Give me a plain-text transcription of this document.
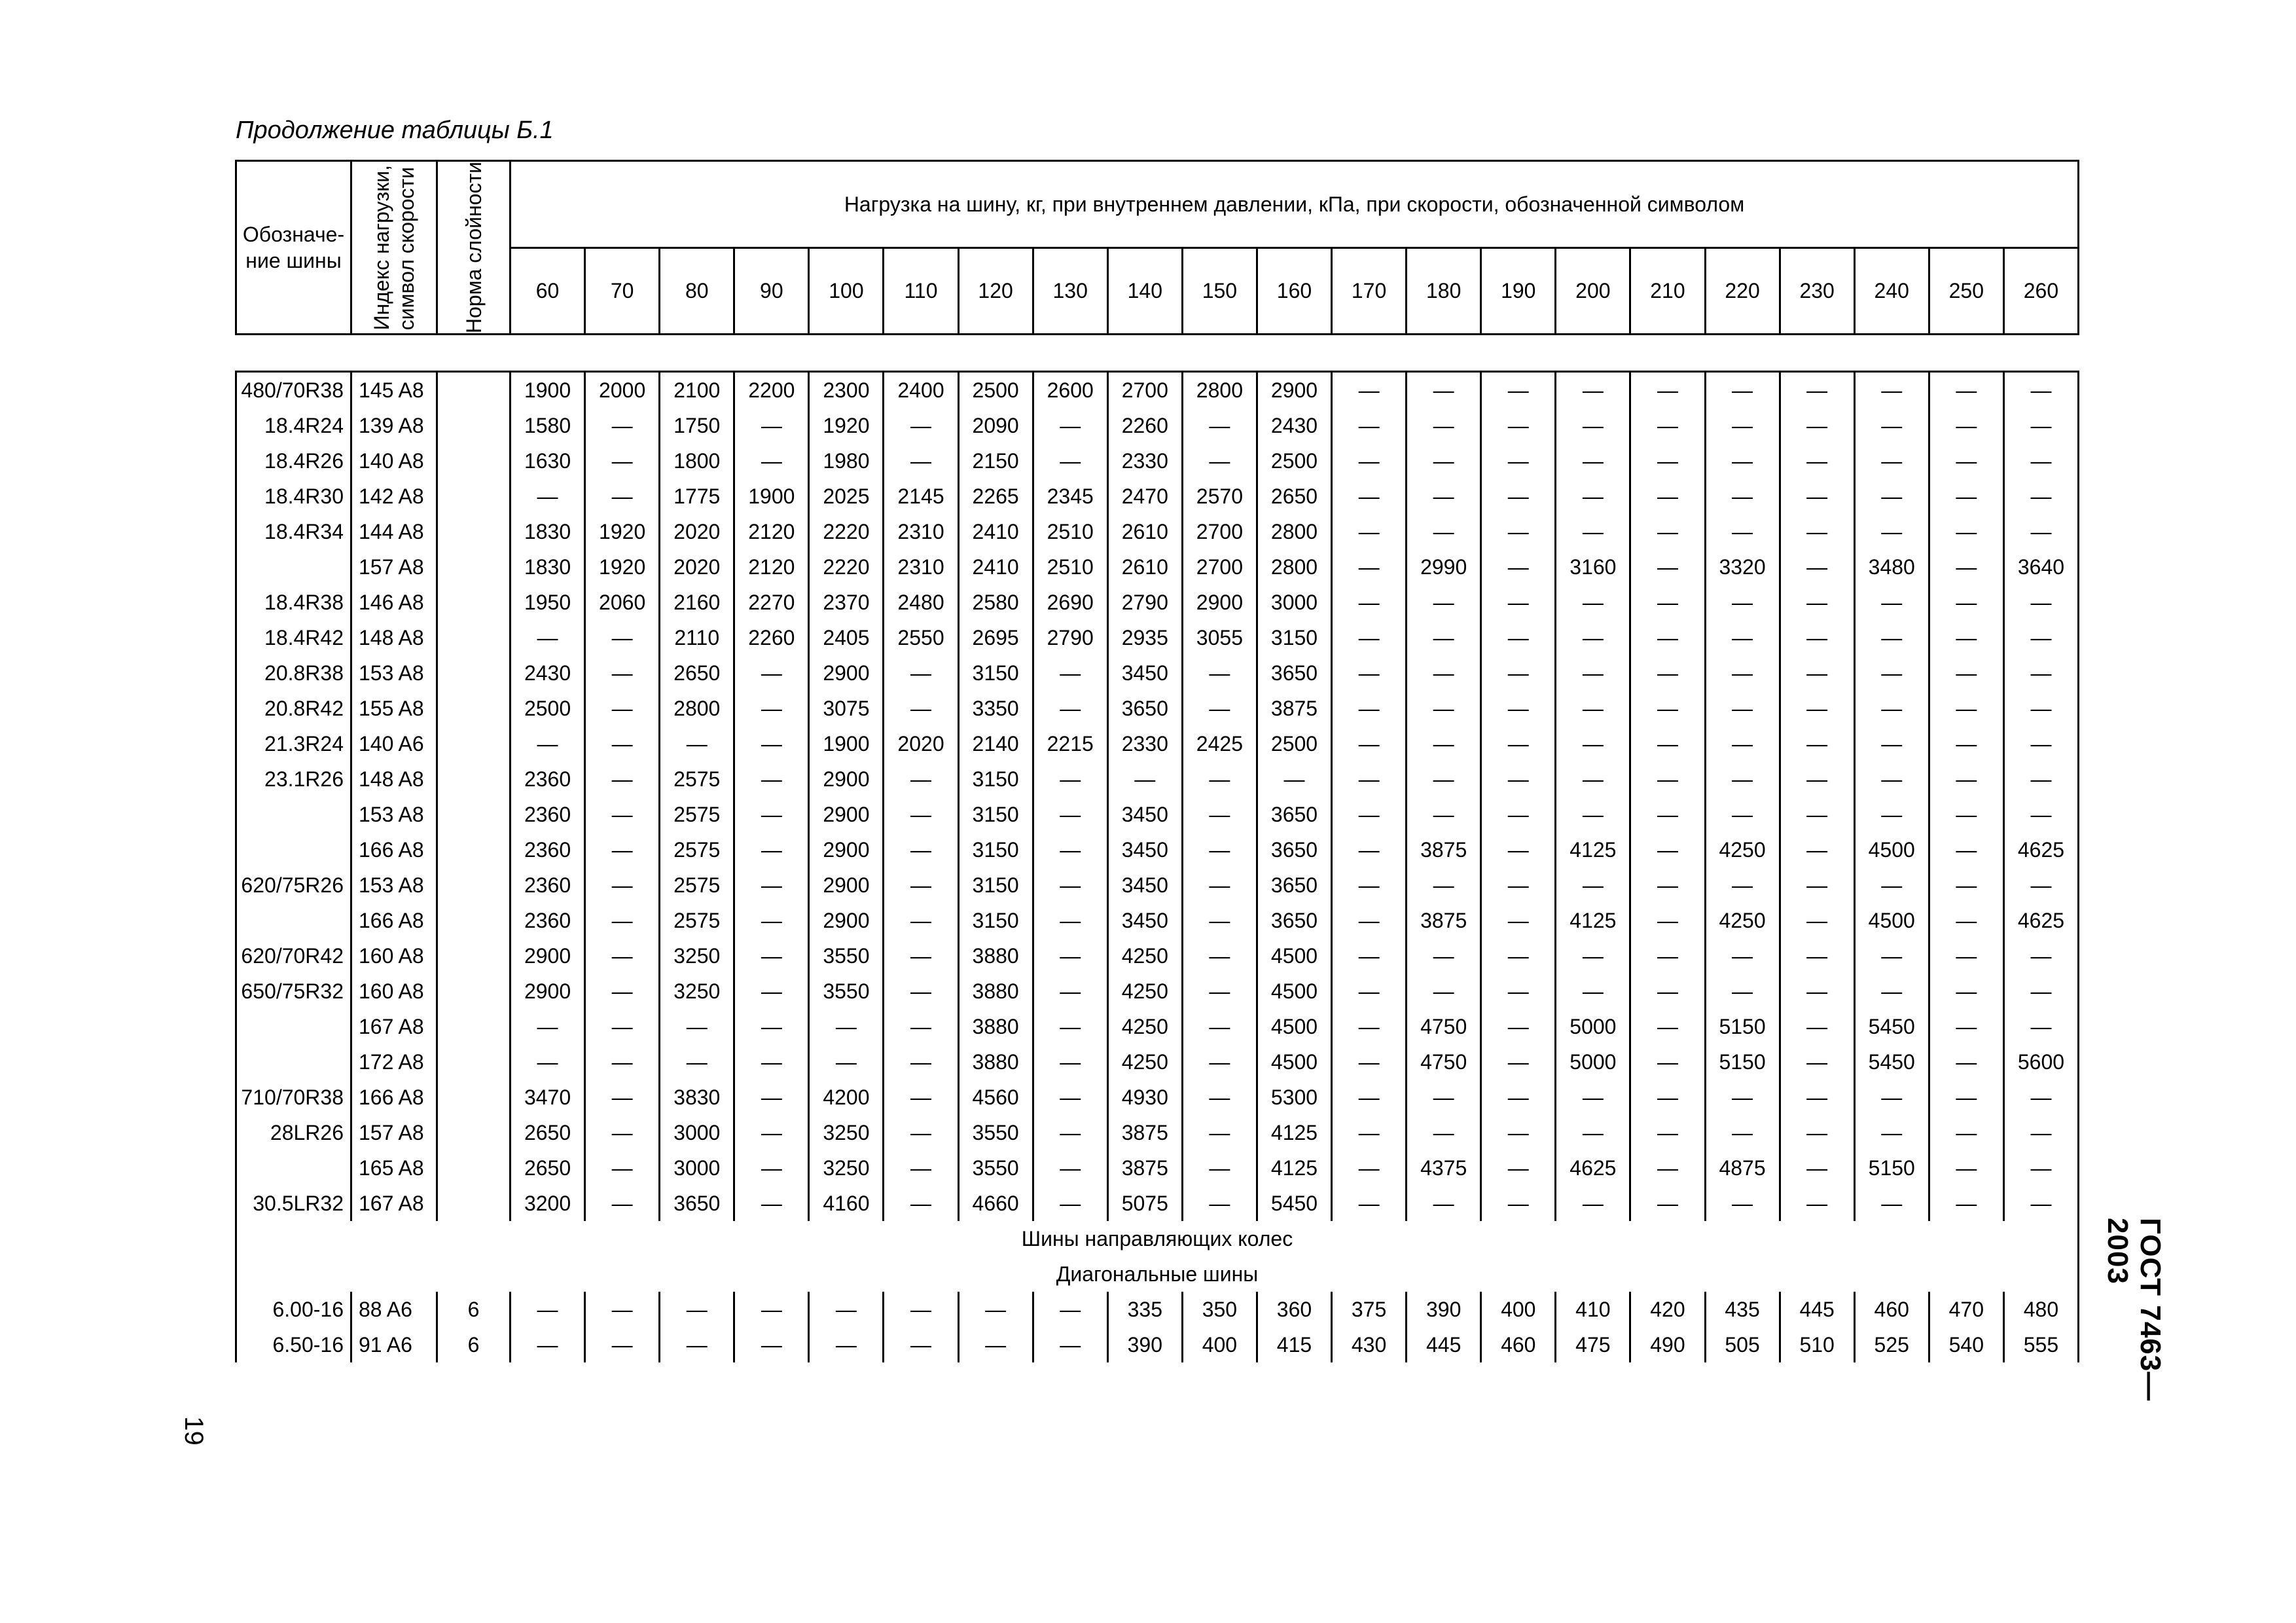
Продолжение таблицы Б.1
Обозначе-
ние шины	Индекс нагрузки,
символ скорости	Норма слойности	Нагрузка на шину, кг, при внутреннем давлении, кПа, при скорости, обозначенной символом																				
			60	70	80	90	100	110	120	130	140	150	160	170	180	190	200	210	220	230	240	250	260

480/70R38	145 A8		1900	2000	2100	2200	2300	2400	2500	2600	2700	2800	2900	—	—	—	—	—	—	—	—	—	—
18.4R24	139 A8		1580	—	1750	—	1920	—	2090	—	2260	—	2430	—	—	—	—	—	—	—	—	—	—
18.4R26	140 A8		1630	—	1800	—	1980	—	2150	—	2330	—	2500	—	—	—	—	—	—	—	—	—	—
18.4R30	142 A8		—	—	1775	1900	2025	2145	2265	2345	2470	2570	2650	—	—	—	—	—	—	—	—	—	—
18.4R34	144 A8		1830	1920	2020	2120	2220	2310	2410	2510	2610	2700	2800	—	—	—	—	—	—	—	—	—	—
	157 A8		1830	1920	2020	2120	2220	2310	2410	2510	2610	2700	2800	—	2990	—	3160	—	3320	—	3480	—	3640
18.4R38	146 A8		1950	2060	2160	2270	2370	2480	2580	2690	2790	2900	3000	—	—	—	—	—	—	—	—	—	—
18.4R42	148 A8		—	—	2110	2260	2405	2550	2695	2790	2935	3055	3150	—	—	—	—	—	—	—	—	—	—
20.8R38	153 A8		2430	—	2650	—	2900	—	3150	—	3450	—	3650	—	—	—	—	—	—	—	—	—	—
20.8R42	155 A8		2500	—	2800	—	3075	—	3350	—	3650	—	3875	—	—	—	—	—	—	—	—	—	—
21.3R24	140 A6		—	—	—	—	1900	2020	2140	2215	2330	2425	2500	—	—	—	—	—	—	—	—	—	—
23.1R26	148 A8		2360	—	2575	—	2900	—	3150	—	—	—	—	—	—	—	—	—	—	—	—	—	—
	153 A8		2360	—	2575	—	2900	—	3150	—	3450	—	3650	—	—	—	—	—	—	—	—	—	—
	166 A8		2360	—	2575	—	2900	—	3150	—	3450	—	3650	—	3875	—	4125	—	4250	—	4500	—	4625
620/75R26	153 A8		2360	—	2575	—	2900	—	3150	—	3450	—	3650	—	—	—	—	—	—	—	—	—	—
	166 A8		2360	—	2575	—	2900	—	3150	—	3450	—	3650	—	3875	—	4125	—	4250	—	4500	—	4625
620/70R42	160 A8		2900	—	3250	—	3550	—	3880	—	4250	—	4500	—	—	—	—	—	—	—	—	—	—
650/75R32	160 A8		2900	—	3250	—	3550	—	3880	—	4250	—	4500	—	—	—	—	—	—	—	—	—	—
	167 A8		—	—	—	—	—	—	3880	—	4250	—	4500	—	4750	—	5000	—	5150	—	5450	—	—
	172 A8		—	—	—	—	—	—	3880	—	4250	—	4500	—	4750	—	5000	—	5150	—	5450	—	5600
710/70R38	166 A8		3470	—	3830	—	4200	—	4560	—	4930	—	5300	—	—	—	—	—	—	—	—	—	—
28LR26	157 A8		2650	—	3000	—	3250	—	3550	—	3875	—	4125	—	—	—	—	—	—	—	—	—	—
	165 A8		2650	—	3000	—	3250	—	3550	—	3875	—	4125	—	4375	—	4625	—	4875	—	5150	—	—
30.5LR32	167 A8		3200	—	3650	—	4160	—	4660	—	5075	—	5450	—	—	—	—	—	—	—	—	—	—
Шины направляющих колес																							
Диагональные шины																							
6.00-16	88 A6	6	—	—	—	—	—	—	—	—	335	350	360	375	390	400	410	420	435	445	460	470	480
6.50-16	91 A6	6	—	—	—	—	—	—	—	—	390	400	415	430	445	460	475	490	505	510	525	540	555	ГОСТ 7463—2003
19
